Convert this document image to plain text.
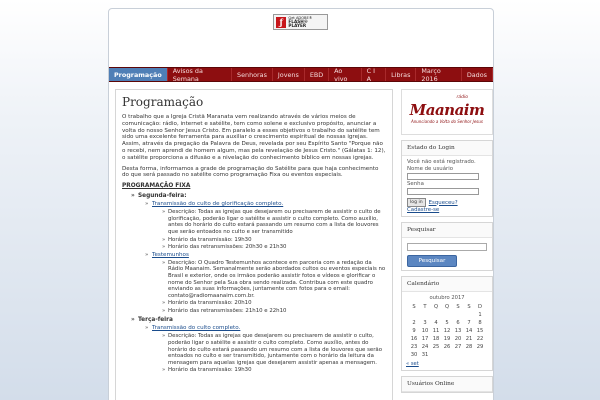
ƒ	Get ADOBE®
FLASH® PLAYER
Programação	Avisos da Semana	Senhoras	Jovens	EBD	Ao vivo
C I A	Libras	Março 2016	Dados
Programação

O trabalho que a Igreja Cristã Maranata vem realizando através de vários meios de comunicação: rádio, internet e satélite, tem como solene e exclusivo propósito, anunciar a volta do nosso Senhor Jesus Cristo. Em paralelo a esses objetivos o trabalho do satélite tem sido uma excelente ferramenta para auxiliar o crescimento espiritual de nossas igrejas. Assim, através da pregação da Palavra de Deus, revelada por seu Espírito Santo "Porque não o recebi, nem aprendi de homem algum, mas pela revelação de Jesus Cristo." (Gálatas 1: 12), o satélite proporciona a difusão e a nivelação do conhecimento bíblico em nossas igrejas.

Desta forma, informamos a grade de programação do Satélite para que haja conhecimento do que será passado no satélite como programação Fixa ou eventos especiais.

PROGRAMAÇÃO FIXA
» Segunda-feira:
» Transmissão do culto de glorificação completo.
» Descrição: Todas as igrejas que desejarem ou precisarem de assistir o culto de glorificação, poderão ligar o satélite e assistir o culto completo. Como auxílio, antes do horário do culto estará passando um resumo com a lista de louvores que serão entoados no culto e ser transmitido
» Horário da transmissão: 19h30
» Horário das retransmissões: 20h30 e 21h30
» Testemunhos
» Descrição: O Quadro Testemunhos acontece em parceria com a redação da Rádio Maanaim. Semanalmente serão abordados cultos ou eventos especiais no Brasil e exterior, onde os irmãos poderão assistir fotos e vídeos e glorificar o nome do Senhor pela Sua obra sendo realizada. Contribua com este quadro enviando as suas informações, juntamente com fotos para o email: contato@radiomaanaim.com.br.
» Horário da transmissão: 20h10
» Horário das retransmissões: 21h10 e 22h10
» Terça-feira
» Transmissão do culto completo.
» Descrição: Todas as igrejas que desejarem ou precisarem de assistir o culto, poderão ligar o satélite e assistir o culto completo. Como auxílio, antes do horário do culto estará passando um resumo com a lista de louvores que serão entoados no culto e ser transmitido, juntamente com o horário da leitura da mensagem para aquelas igrejas que desejarem assistir apenas a mensagem.
» Horário da transmissão: 19h30
rádio
Maanaim
Anunciando a Volta do Senhor Jesus
Estado do Login
Você não está registrado.
Nome de usuário
Senha
log in	Esqueceu?
Cadastre-se
Pesquisar
Pesquisar
Calendário
outubro 2017
S	T	Q	Q	S	S	D
						1
2	3	4	5	6	7	8
9	10	11	12	13	14	15
16	17	18	19	20	21	22
23	24	25	26	27	28	29
30	31					
« set
Usuários Online
